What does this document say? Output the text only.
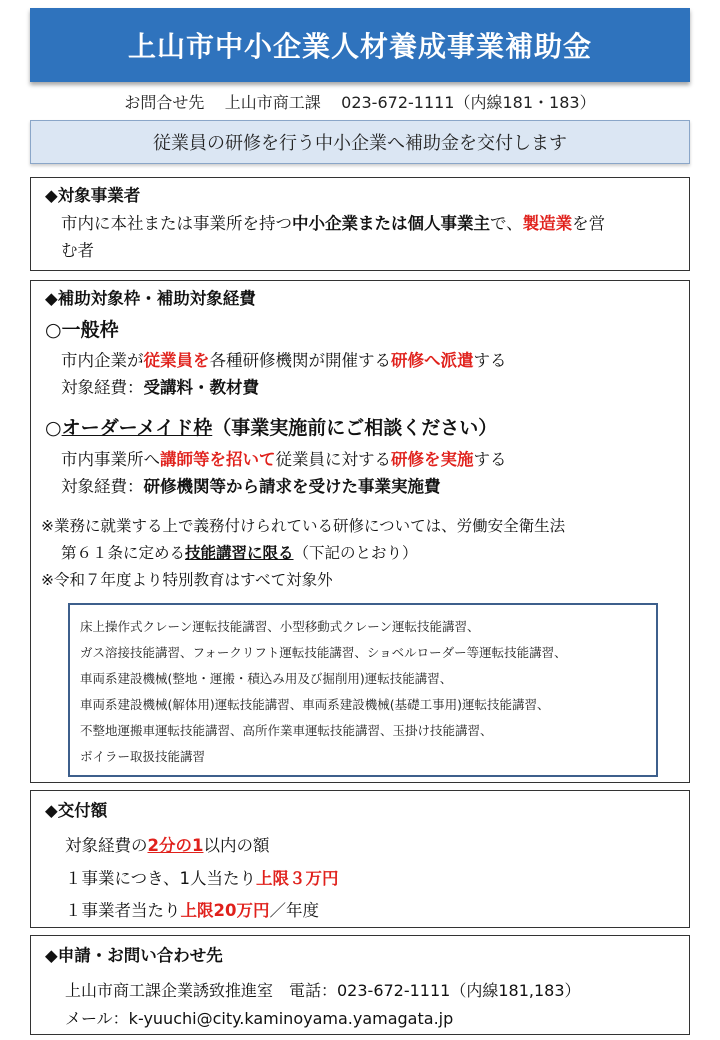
上山市中小企業人材養成事業補助金
お問合せ先 上山市商工課 023-672-1111（内線181・183）
従業員の研修を行う中小企業へ補助金を交付します
◆対象事業者
市内に本社または事業所を持つ中小企業または個人事業主で、製造業を営
む者
◆補助対象枠・補助対象経費
○一般枠
市内企業が従業員を各種研修機関が開催する研修へ派遣する
対象経費：受講料・教材費
○オーダーメイド枠（事業実施前にご相談ください）
市内事業所へ講師等を招いて従業員に対する研修を実施する
対象経費：研修機関等から請求を受けた事業実施費
※業務に就業する上で義務付けられている研修については、労働安全衛生法
第６１条に定める技能講習に限る（下記のとおり）
※令和７年度より特別教育はすべて対象外
床上操作式クレーン運転技能講習、小型移動式クレーン運転技能講習、
ガス溶接技能講習、フォークリフト運転技能講習、ショベルローダー等運転技能講習、
車両系建設機械(整地・運搬・積込み用及び掘削用)運転技能講習、
車両系建設機械(解体用)運転技能講習、車両系建設機械(基礎工事用)運転技能講習、
不整地運搬車運転技能講習、高所作業車運転技能講習、玉掛け技能講習、
ボイラー取扱技能講習
◆交付額
対象経費の2分の1以内の額
１事業につき、1人当たり上限３万円
１事業者当たり上限20万円／年度
◆申請・お問い合わせ先
上山市商工課企業誘致推進室　電話：023-672-1111（内線181,183）
メール：k-yuuchi@city.kaminoyama.yamagata.jp
